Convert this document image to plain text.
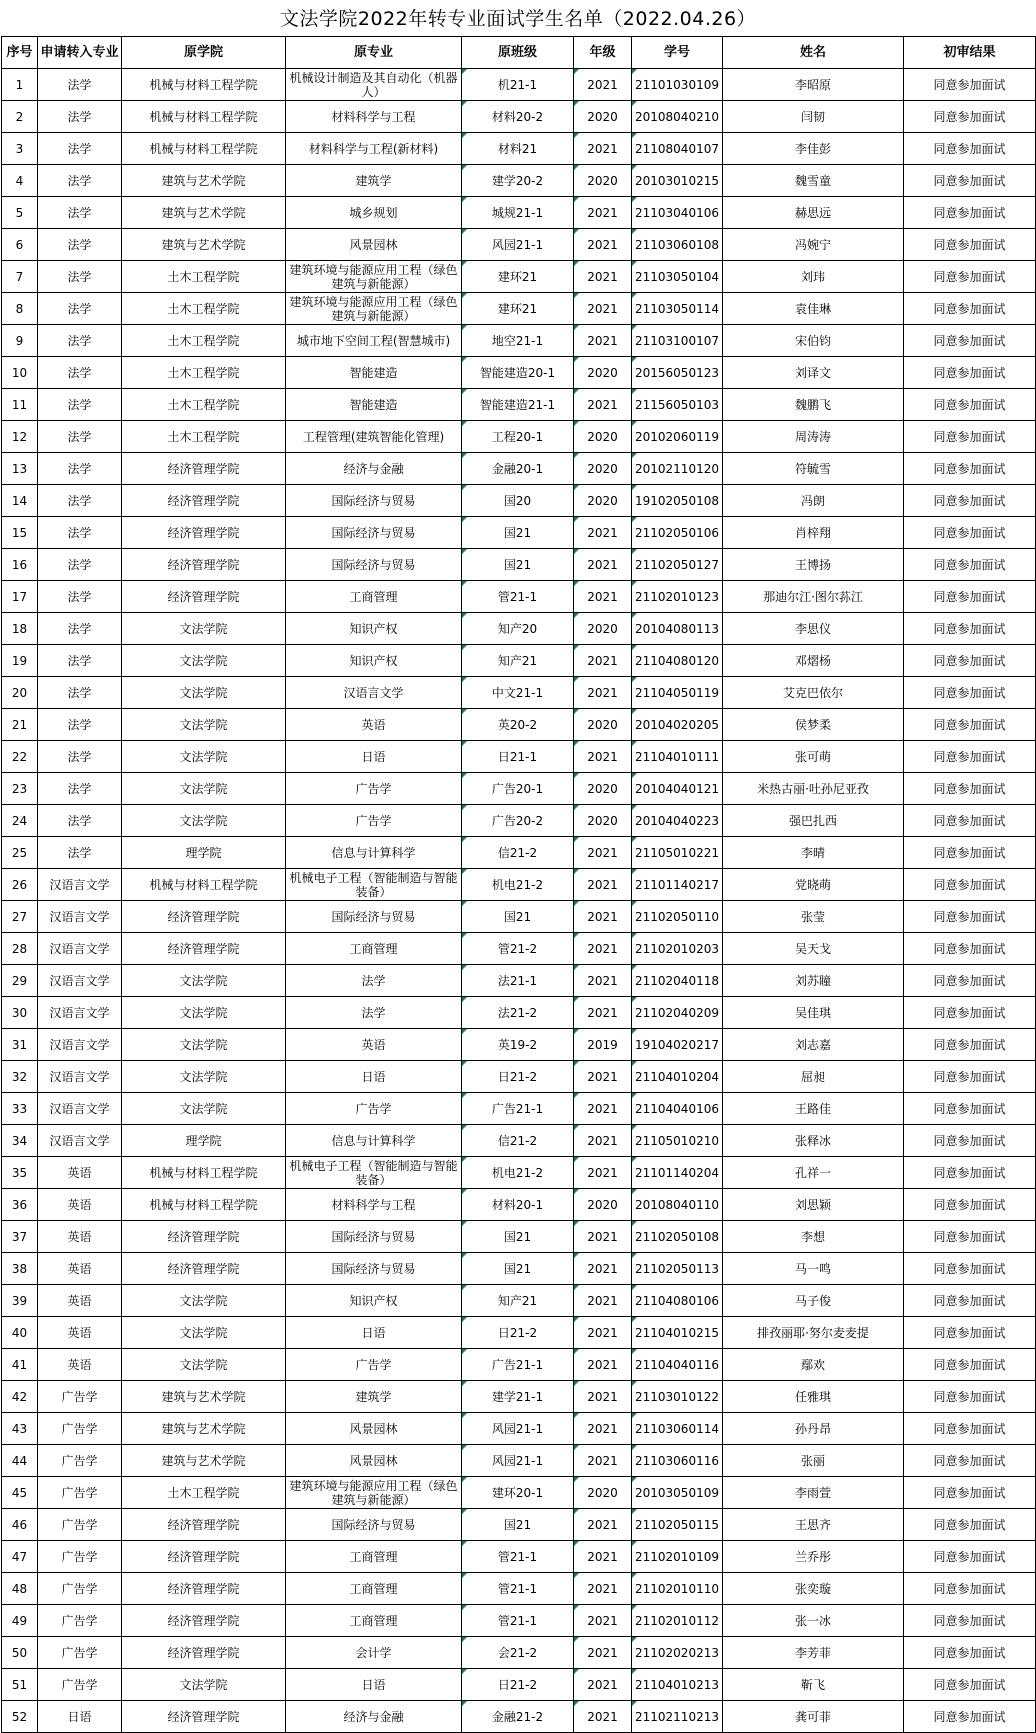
文法学院2022年转专业面试学生名单（2022.04.26）
序号	申请转入专业	原学院	原专业	原班级	年级	学号	姓名	初审结果
1	法学	机械与材料工程学院	机械设计制造及其自动化（机器人）	机21-1	2021	21101030109	李昭原	同意参加面试
2	法学	机械与材料工程学院	材料科学与工程	材料20-2	2020	20108040210	闫韧	同意参加面试
3	法学	机械与材料工程学院	材料科学与工程(新材料)	材料21	2021	21108040107	李佳彭	同意参加面试
4	法学	建筑与艺术学院	建筑学	建学20-2	2020	20103010215	魏雪童	同意参加面试
5	法学	建筑与艺术学院	城乡规划	城规21-1	2021	21103040106	赫思远	同意参加面试
6	法学	建筑与艺术学院	风景园林	风园21-1	2021	21103060108	冯婉宁	同意参加面试
7	法学	土木工程学院	建筑环境与能源应用工程（绿色建筑与新能源）	建环21	2021	21103050104	刘玮	同意参加面试
8	法学	土木工程学院	建筑环境与能源应用工程（绿色建筑与新能源）	建环21	2021	21103050114	袁佳琳	同意参加面试
9	法学	土木工程学院	城市地下空间工程(智慧城市)	地空21-1	2021	21103100107	宋伯钧	同意参加面试
10	法学	土木工程学院	智能建造	智能建造20-1	2020	20156050123	刘译文	同意参加面试
11	法学	土木工程学院	智能建造	智能建造21-1	2021	21156050103	魏鹏飞	同意参加面试
12	法学	土木工程学院	工程管理(建筑智能化管理)	工程20-1	2020	20102060119	周涛涛	同意参加面试
13	法学	经济管理学院	经济与金融	金融20-1	2020	20102110120	符毓雪	同意参加面试
14	法学	经济管理学院	国际经济与贸易	国20	2020	19102050108	冯朗	同意参加面试
15	法学	经济管理学院	国际经济与贸易	国21	2021	21102050106	肖梓翔	同意参加面试
16	法学	经济管理学院	国际经济与贸易	国21	2021	21102050127	王博扬	同意参加面试
17	法学	经济管理学院	工商管理	管21-1	2021	21102010123	那迪尔江·图尔荪江	同意参加面试
18	法学	文法学院	知识产权	知产20	2020	20104080113	李思仪	同意参加面试
19	法学	文法学院	知识产权	知产21	2021	21104080120	邓熠杨	同意参加面试
20	法学	文法学院	汉语言文学	中文21-1	2021	21104050119	艾克巴依尔	同意参加面试
21	法学	文法学院	英语	英20-2	2020	20104020205	侯梦柔	同意参加面试
22	法学	文法学院	日语	日21-1	2021	21104010111	张可萌	同意参加面试
23	法学	文法学院	广告学	广告20-1	2020	20104040121	米热古丽·吐孙尼亚孜	同意参加面试
24	法学	文法学院	广告学	广告20-2	2020	20104040223	强巴扎西	同意参加面试
25	法学	理学院	信息与计算科学	信21-2	2021	21105010221	李晴	同意参加面试
26	汉语言文学	机械与材料工程学院	机械电子工程（智能制造与智能装备）	机电21-2	2021	21101140217	党晓萌	同意参加面试
27	汉语言文学	经济管理学院	国际经济与贸易	国21	2021	21102050110	张莹	同意参加面试
28	汉语言文学	经济管理学院	工商管理	管21-2	2021	21102010203	吴天戈	同意参加面试
29	汉语言文学	文法学院	法学	法21-1	2021	21102040118	刘苏瞳	同意参加面试
30	汉语言文学	文法学院	法学	法21-2	2021	21102040209	吴佳琪	同意参加面试
31	汉语言文学	文法学院	英语	英19-2	2019	19104020217	刘志嘉	同意参加面试
32	汉语言文学	文法学院	日语	日21-2	2021	21104010204	屈昶	同意参加面试
33	汉语言文学	文法学院	广告学	广告21-1	2021	21104040106	王路佳	同意参加面试
34	汉语言文学	理学院	信息与计算科学	信21-2	2021	21105010210	张释冰	同意参加面试
35	英语	机械与材料工程学院	机械电子工程（智能制造与智能装备）	机电21-2	2021	21101140204	孔祥一	同意参加面试
36	英语	机械与材料工程学院	材料科学与工程	材料20-1	2020	20108040110	刘思颖	同意参加面试
37	英语	经济管理学院	国际经济与贸易	国21	2021	21102050108	李想	同意参加面试
38	英语	经济管理学院	国际经济与贸易	国21	2021	21102050113	马一鸣	同意参加面试
39	英语	文法学院	知识产权	知产21	2021	21104080106	马子俊	同意参加面试
40	英语	文法学院	日语	日21-2	2021	21104010215	排孜丽耶·努尔麦麦提	同意参加面试
41	英语	文法学院	广告学	广告21-1	2021	21104040116	鄢欢	同意参加面试
42	广告学	建筑与艺术学院	建筑学	建学21-1	2021	21103010122	任雅琪	同意参加面试
43	广告学	建筑与艺术学院	风景园林	风园21-1	2021	21103060114	孙丹昂	同意参加面试
44	广告学	建筑与艺术学院	风景园林	风园21-1	2021	21103060116	张丽	同意参加面试
45	广告学	土木工程学院	建筑环境与能源应用工程（绿色建筑与新能源）	建环20-1	2020	20103050109	李雨萱	同意参加面试
46	广告学	经济管理学院	国际经济与贸易	国21	2021	21102050115	王思齐	同意参加面试
47	广告学	经济管理学院	工商管理	管21-1	2021	21102010109	兰乔彤	同意参加面试
48	广告学	经济管理学院	工商管理	管21-1	2021	21102010110	张奕璇	同意参加面试
49	广告学	经济管理学院	工商管理	管21-1	2021	21102010112	张一冰	同意参加面试
50	广告学	经济管理学院	会计学	会21-2	2021	21102020213	李芳菲	同意参加面试
51	广告学	文法学院	日语	日21-2	2021	21104010213	靳飞	同意参加面试
52	日语	经济管理学院	经济与金融	金融21-2	2021	21102110213	龚可菲	同意参加面试
